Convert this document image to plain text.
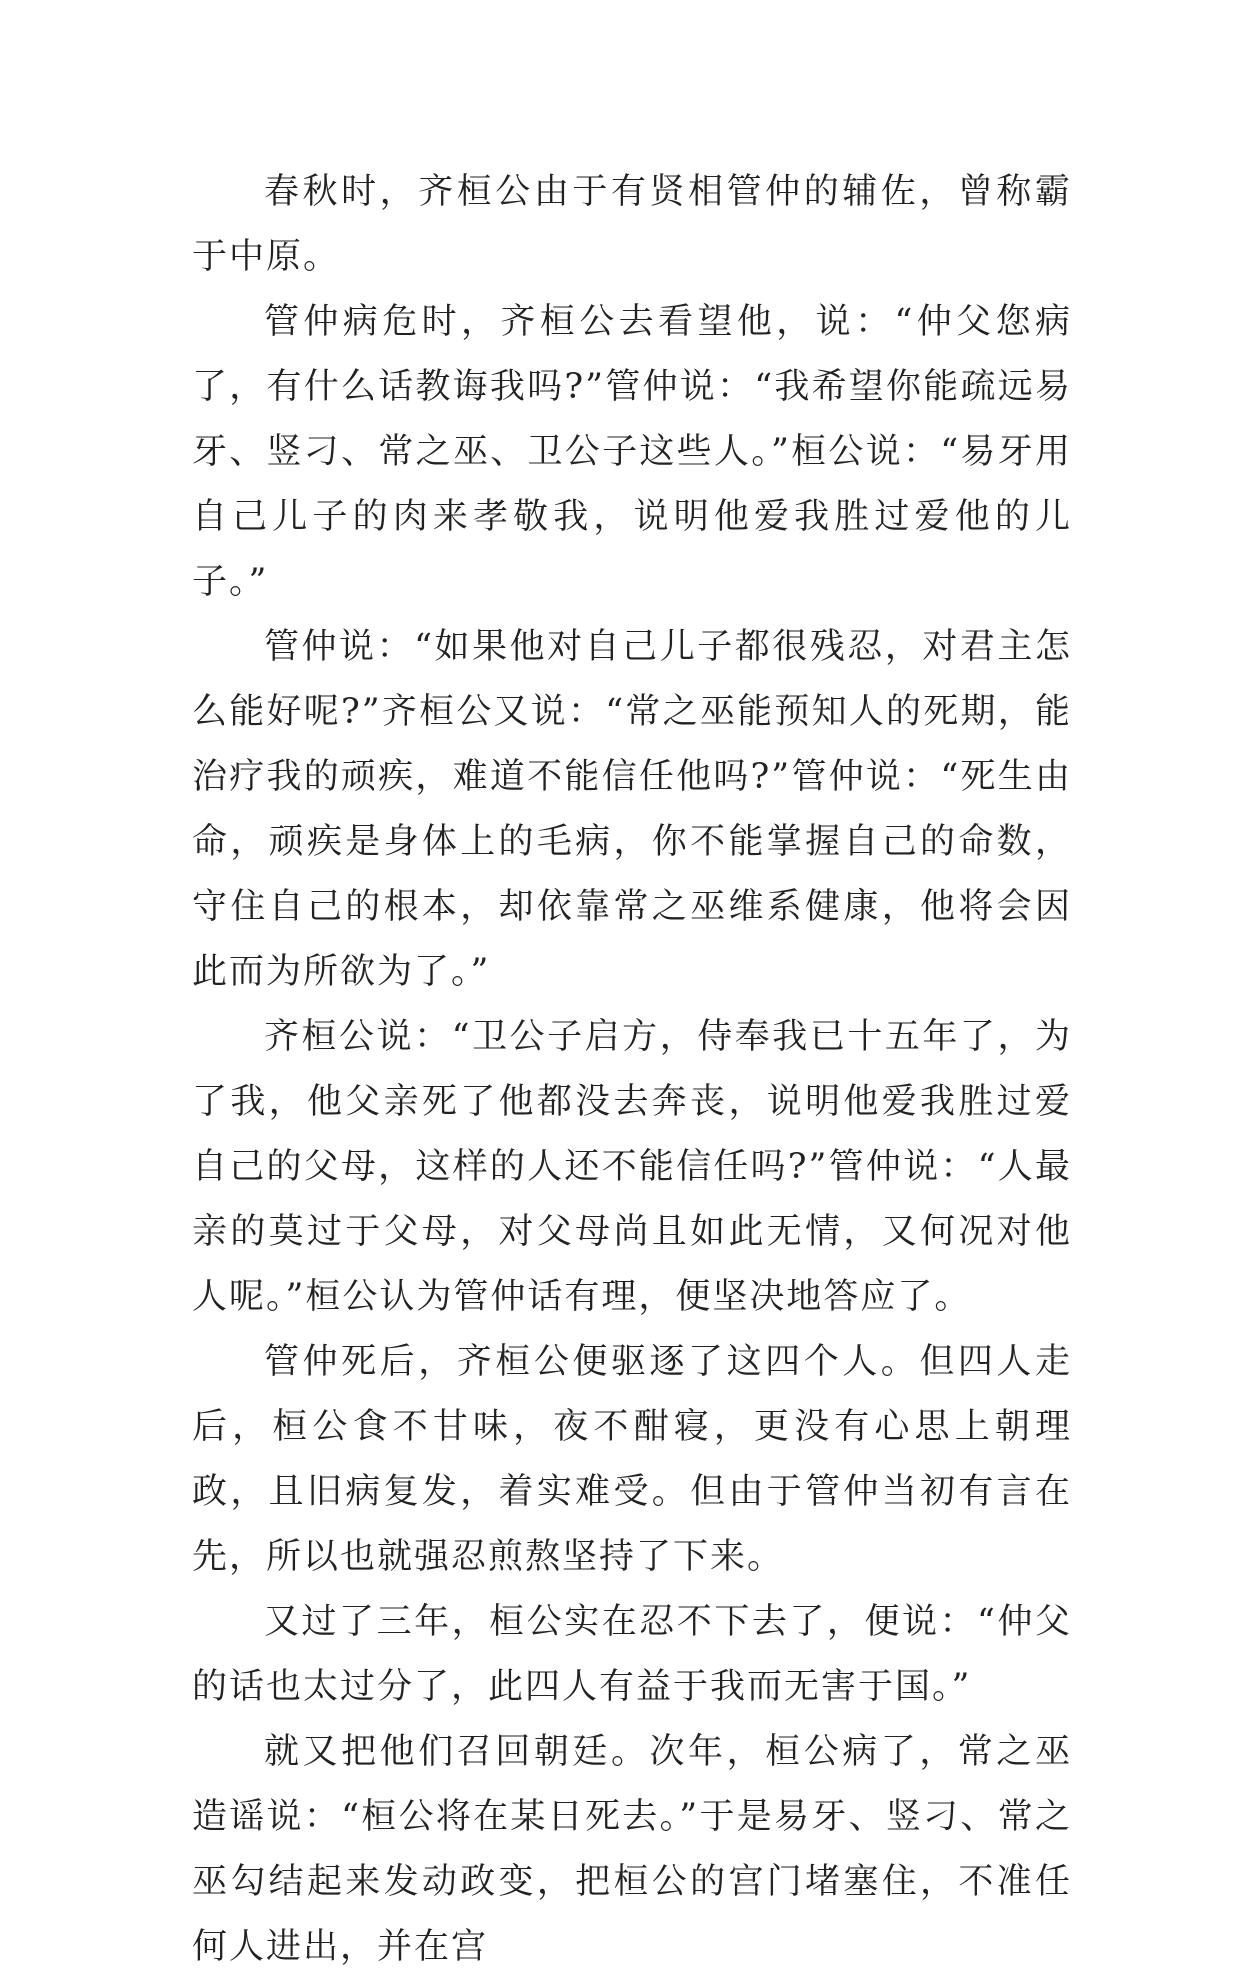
春秋时，齐桓公由于有贤相管仲的辅佐，曾称霸于中原。

管仲病危时，齐桓公去看望他，说：“仲父您病了，有什么话教诲我吗?”管仲说：“我希望你能疏远易牙、竖刁、常之巫、卫公子这些人。”桓公说：“易牙用自己儿子的肉来孝敬我，说明他爱我胜过爱他的儿子。”

管仲说：“如果他对自己儿子都很残忍，对君主怎么能好呢?”齐桓公又说：“常之巫能预知人的死期，能治疗我的顽疾，难道不能信任他吗?”管仲说：“死生由命，顽疾是身体上的毛病，你不能掌握自己的命数，守住自己的根本，却依靠常之巫维系健康，他将会因此而为所欲为了。”

齐桓公说：“卫公子启方，侍奉我已十五年了，为了我，他父亲死了他都没去奔丧，说明他爱我胜过爱自己的父母，这样的人还不能信任吗?”管仲说：“人最亲的莫过于父母，对父母尚且如此无情，又何况对他人呢。”桓公认为管仲话有理，便坚决地答应了。

管仲死后，齐桓公便驱逐了这四个人。但四人走后，桓公食不甘味，夜不酣寝，更没有心思上朝理政，且旧病复发，着实难受。但由于管仲当初有言在先，所以也就强忍煎熬坚持了下来。

又过了三年，桓公实在忍不下去了，便说：“仲父的话也太过分了，此四人有益于我而无害于国。”

就又把他们召回朝廷。次年，桓公病了，常之巫造谣说：“桓公将在某日死去。”于是易牙、竖刁、常之巫勾结起来发动政变，把桓公的宫门堵塞住，不准任何人进出，并在宫
